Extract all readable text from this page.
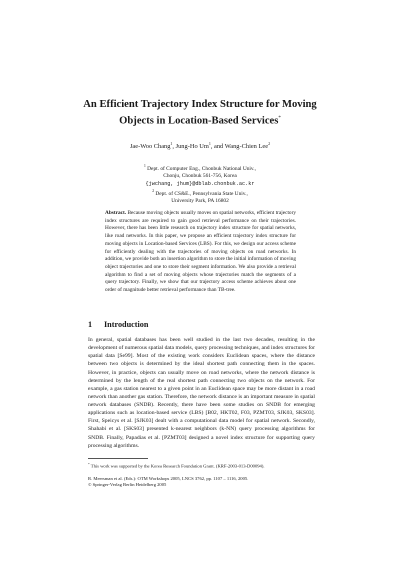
An Efficient Trajectory Index Structure for Moving
Objects in Location-Based Services*
Jae-Woo Chang$^1$, Jung-Ho Um$^1$, and Wang-Chien Lee$^2$
$^1$ Dept. of Computer Eng., Chonbuk National Univ.,
Chonju, Chonbuk 561-756, Korea
{jwchang, jhum}@dblab.chonbuk.ac.kr
$^2$ Dept. of CS&E., Pennsylvania State Univ.,
University Park, PA 16802
Abstract. Because moving objects usually moves on spatial networks, efficient trajectory index structures are required to gain good retrieval performance on their trajectories. However, there has been little research on trajectory index structure for spatial networks, like road networks. In this paper, we propose an efficient trajectory index structure for moving objects in Location-based Services (LBS). For this, we design our access scheme for efficiently dealing with the trajectories of moving objects on road networks. In addition, we provide both an insertion algorithm to store the initial information of moving object trajectories and one to store their segment information. We also provide a retrieval algorithm to find a set of moving objects whose trajectories match the segments of a query trajectory. Finally, we show that our trajectory access scheme achieves about one order of magnitude better retrieval performance than TB-tree.
1 Introduction
In general, spatial databases has been well studied in the last two decades, resulting in the development of numerous spatial data models, query processing techniques, and index structures for spatial data [Se99]. Most of the existing work considers Euclidean spaces, where the distance between two objects is determined by the ideal shortest path connecting them in the spaces. However, in practice, objects can usually move on road networks, where the network distance is determined by the length of the real shortest path connecting two objects on the network. For example, a gas station nearest to a given point in an Euclidean space may be more distant in a road network than another gas station. Therefore, the network distance is an important measure in spatial network databases (SNDB). Recently, there have been some studies on SNDB for emerging applications such as location-based service (LBS) [B02, HKT02, F03, PZMT03, SJK03, SKS03]. First, Speicys et al. [SJK03] dealt with a computational data model for spatial network. Secondly, Shahabi et al. [SKS03] presented k-nearest neighbors (k-NN) query processing algorithms for SNDB. Finally, Papadias et al. [PZMT03] designed a novel index structure for supporting query processing algorithms.
* This work was supported by the Korea Research Foundation Grant. (KRF-2003-013-D00094).
R. Meersman et al. (Eds.): OTM Workshops 2005, LNCS 3762, pp. 1107 – 1116, 2005.
© Springer-Verlag Berlin Heidelberg 2005
